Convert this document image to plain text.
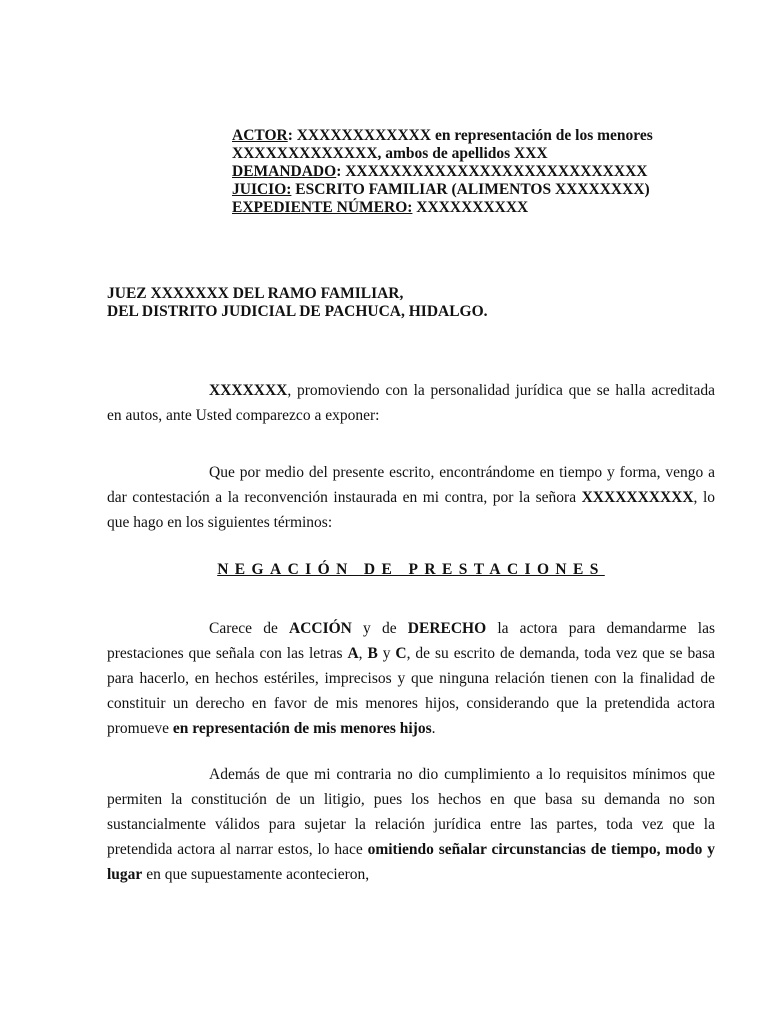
ACTOR: XXXXXXXXXXXX en representación de los menores
XXXXXXXXXXXXX, ambos de apellidos XXX
DEMANDADO: XXXXXXXXXXXXXXXXXXXXXXXXXXX
JUICIO: ESCRITO FAMILIAR (ALIMENTOS XXXXXXXX)
EXPEDIENTE NÚMERO: XXXXXXXXXX
JUEZ XXXXXXX DEL RAMO FAMILIAR,
DEL DISTRITO JUDICIAL DE PACHUCA, HIDALGO.

XXXXXXX, promoviendo con la personalidad jurídica que se halla acreditada en autos, ante Usted comparezco a exponer:

Que por medio del presente escrito, encontrándome en tiempo y forma, vengo a dar contestación a la reconvención instaurada en mi contra, por la señora XXXXXXXXXX, lo que hago en los siguientes términos:

NEGACIÓN DE PRESTACIONES

Carece de ACCIÓN y de DERECHO la actora para demandarme las prestaciones que señala con las letras A, B y C, de su escrito de demanda, toda vez que se basa para hacerlo, en hechos estériles, imprecisos y que ninguna relación tienen con la finalidad de constituir un derecho en favor de mis menores hijos, considerando que la pretendida actora promueve en representación de mis menores hijos.

Además de que mi contraria no dio cumplimiento a lo requisitos mínimos que permiten la constitución de un litigio, pues los hechos en que basa su demanda no son sustancialmente válidos para sujetar la relación jurídica entre las partes, toda vez que la pretendida actora al narrar estos, lo hace omitiendo señalar circunstancias de tiempo, modo y lugar en que supuestamente acontecieron,
